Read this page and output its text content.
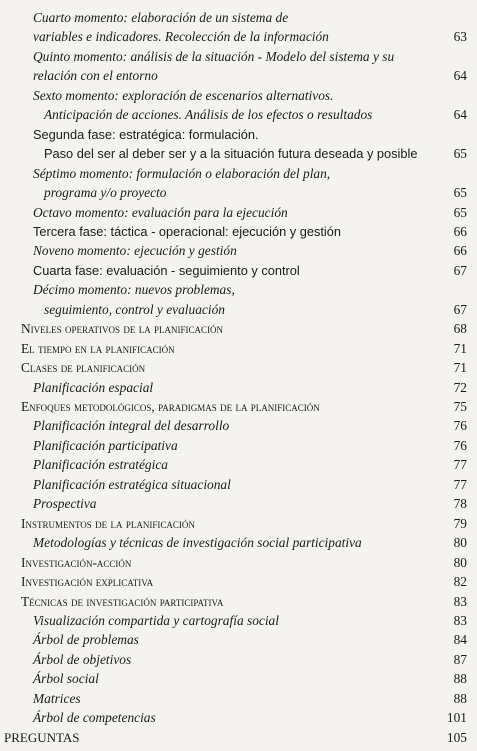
Cuarto momento: elaboración de un sistema de
variables e indicadores. Recolección de la información	63
Quinto momento: análisis de la situación - Modelo del sistema y su
relación con el entorno	64
Sexto momento: exploración de escenarios alternativos.
Anticipación de acciones. Análisis de los efectos o resultados	64
Segunda fase: estratégica: formulación.
Paso del ser al deber ser y a la situación futura deseada y posible	65
Séptimo momento: formulación o elaboración del plan,
programa y/o proyecto	65
Octavo momento: evaluación para la ejecución	65
Tercera fase: táctica - operacional: ejecución y gestión	66
Noveno momento: ejecución y gestión	66
Cuarta fase: evaluación - seguimiento y control	67
Décimo momento: nuevos problemas,
seguimiento, control y evaluación	67
Niveles operativos de la planificación	68
El tiempo en la planificación	71
Clases de planificación	71
Planificación espacial	72
Enfoques metodológicos, paradigmas de la planificación	75
Planificación integral del desarrollo	76
Planificación participativa	76
Planificación estratégica	77
Planificación estratégica situacional	77
Prospectiva	78
Instrumentos de la planificación	79
Metodologías y técnicas de investigación social participativa	80
Investigación-acción	80
Investigación explicativa	82
Técnicas de investigación participativa	83
Visualización compartida y cartografía social	83
Árbol de problemas	84
Árbol de objetivos	87
Árbol social	88
Matrices	88
Árbol de competencias	101
PREGUNTAS	105
